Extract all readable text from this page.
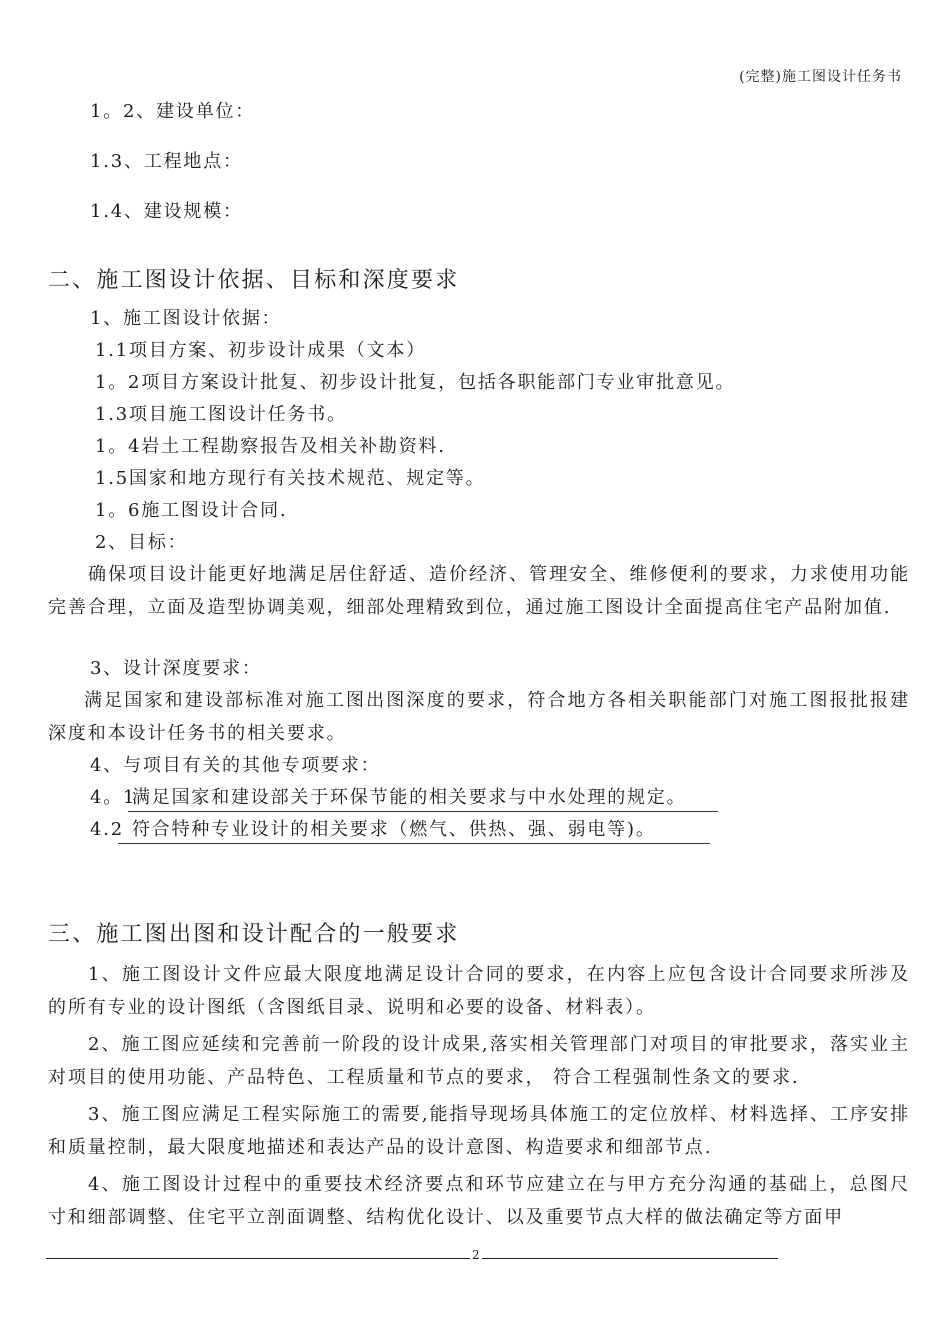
(完整)施工图设计任务书
1。2、建设单位：
1.3、工程地点：
1.4、建设规模：
二、施工图设计依据、目标和深度要求
1、施工图设计依据：
1.1项目方案、初步设计成果（文本）
1。2项目方案设计批复、初步设计批复，包括各职能部门专业审批意见。
1.3项目施工图设计任务书。
1。4岩土工程勘察报告及相关补勘资料.
1.5国家和地方现行有关技术规范、规定等。
1。6施工图设计合同.
2、目标：
确保项目设计能更好地满足居住舒适、造价经济、管理安全、维修便利的要求，力求使用功能完善合理，立面及造型协调美观，细部处理精致到位，通过施工图设计全面提高住宅产品附加值.
3、设计深度要求：
满足国家和建设部标准对施工图出图深度的要求，符合地方各相关职能部门对施工图报批报建深度和本设计任务书的相关要求。
4、与项目有关的其他专项要求：
4。1
满足国家和建设部关于环保节能的相关要求与中水处理的规定。
4.2 符合特种专业设计的相关要求（燃气、供热、强、弱电等)。
三、施工图出图和设计配合的一般要求
1、施工图设计文件应最大限度地满足设计合同的要求，在内容上应包含设计合同要求所涉及的所有专业的设计图纸（含图纸目录、说明和必要的设备、材料表）。
2、施工图应延续和完善前一阶段的设计成果,落实相关管理部门对项目的审批要求，落实业主对项目的使用功能、产品特色、工程质量和节点的要求， 符合工程强制性条文的要求.
3、施工图应满足工程实际施工的需要,能指导现场具体施工的定位放样、材料选择、工序安排和质量控制，最大限度地描述和表达产品的设计意图、构造要求和细部节点.
4、施工图设计过程中的重要技术经济要点和环节应建立在与甲方充分沟通的基础上，总图尺寸和细部调整、住宅平立剖面调整、结构优化设计、以及重要节点大样的做法确定等方面甲
2
